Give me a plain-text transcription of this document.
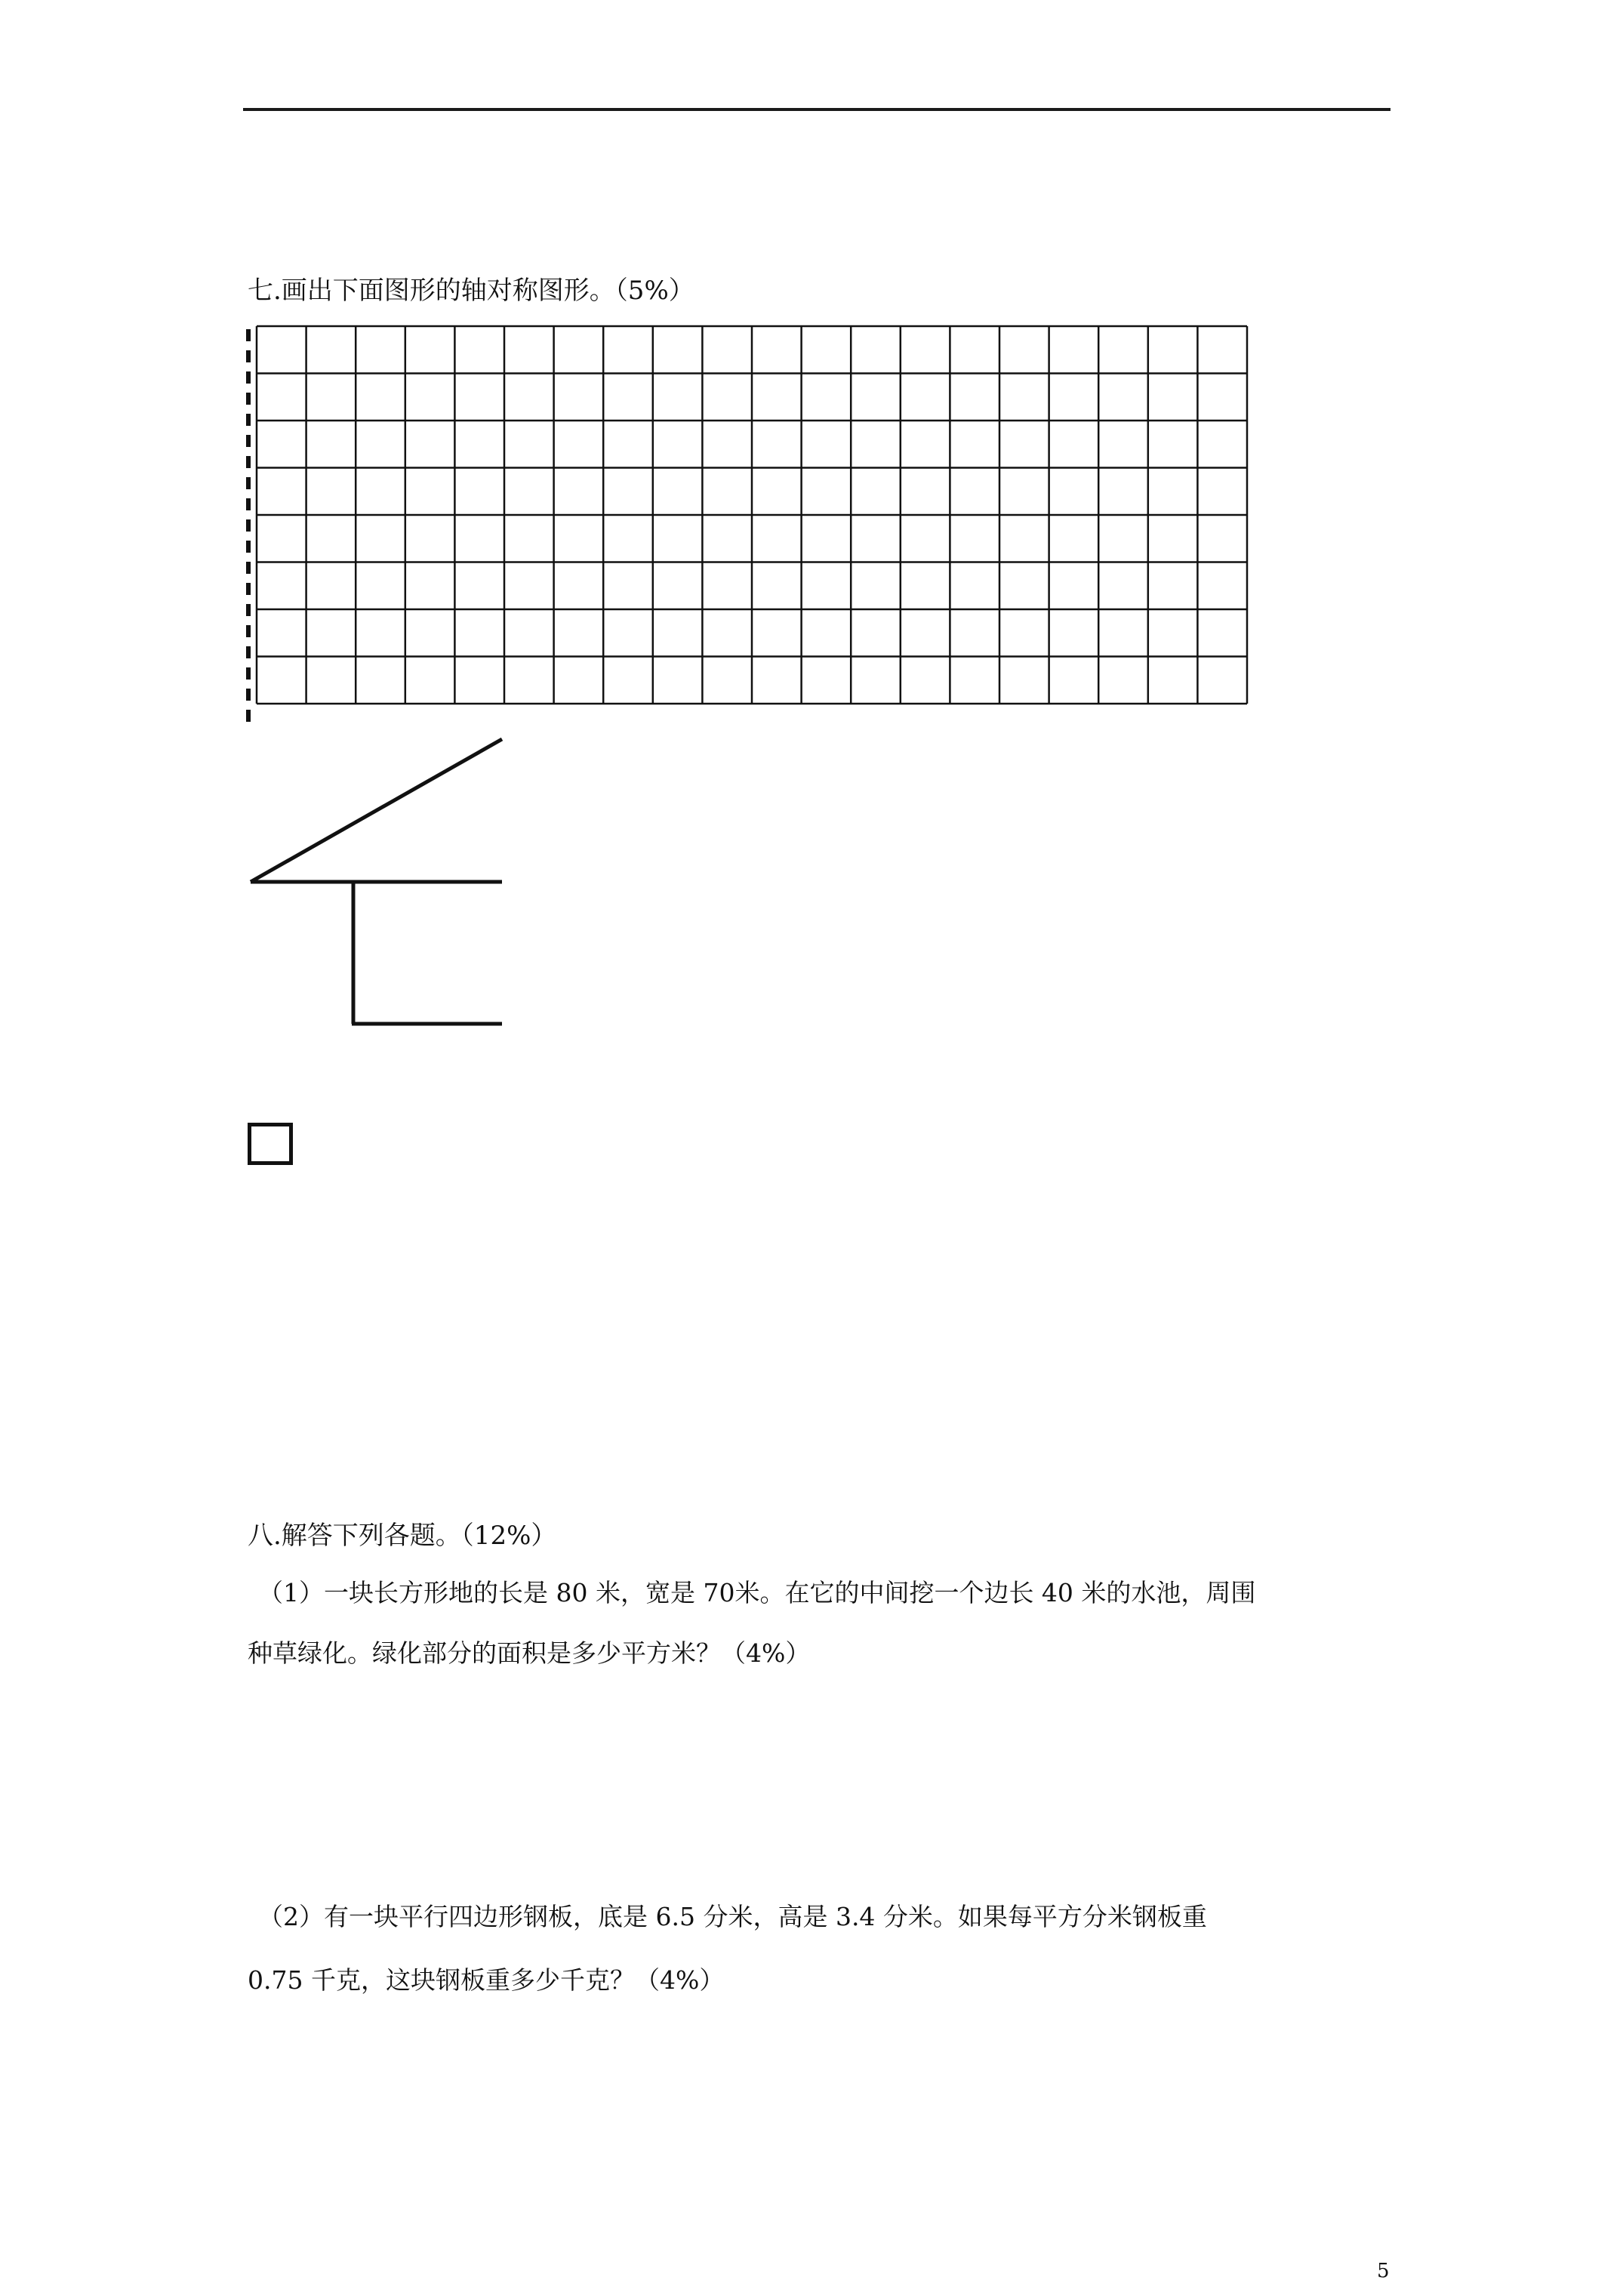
七.画出下面图形的轴对称图形。（5%）
八.解答下列各题。（12%）
（1）一块长方形地的长是 80 米，宽是 70米。在它的中间挖一个边长 40 米的水池，周围
种草绿化。绿化部分的面积是多少平方米？（4%）
（2）有一块平行四边形钢板，底是 6.5 分米，高是 3.4 分米。如果每平方分米钢板重
0.75 千克，这块钢板重多少千克？（4%）
5
